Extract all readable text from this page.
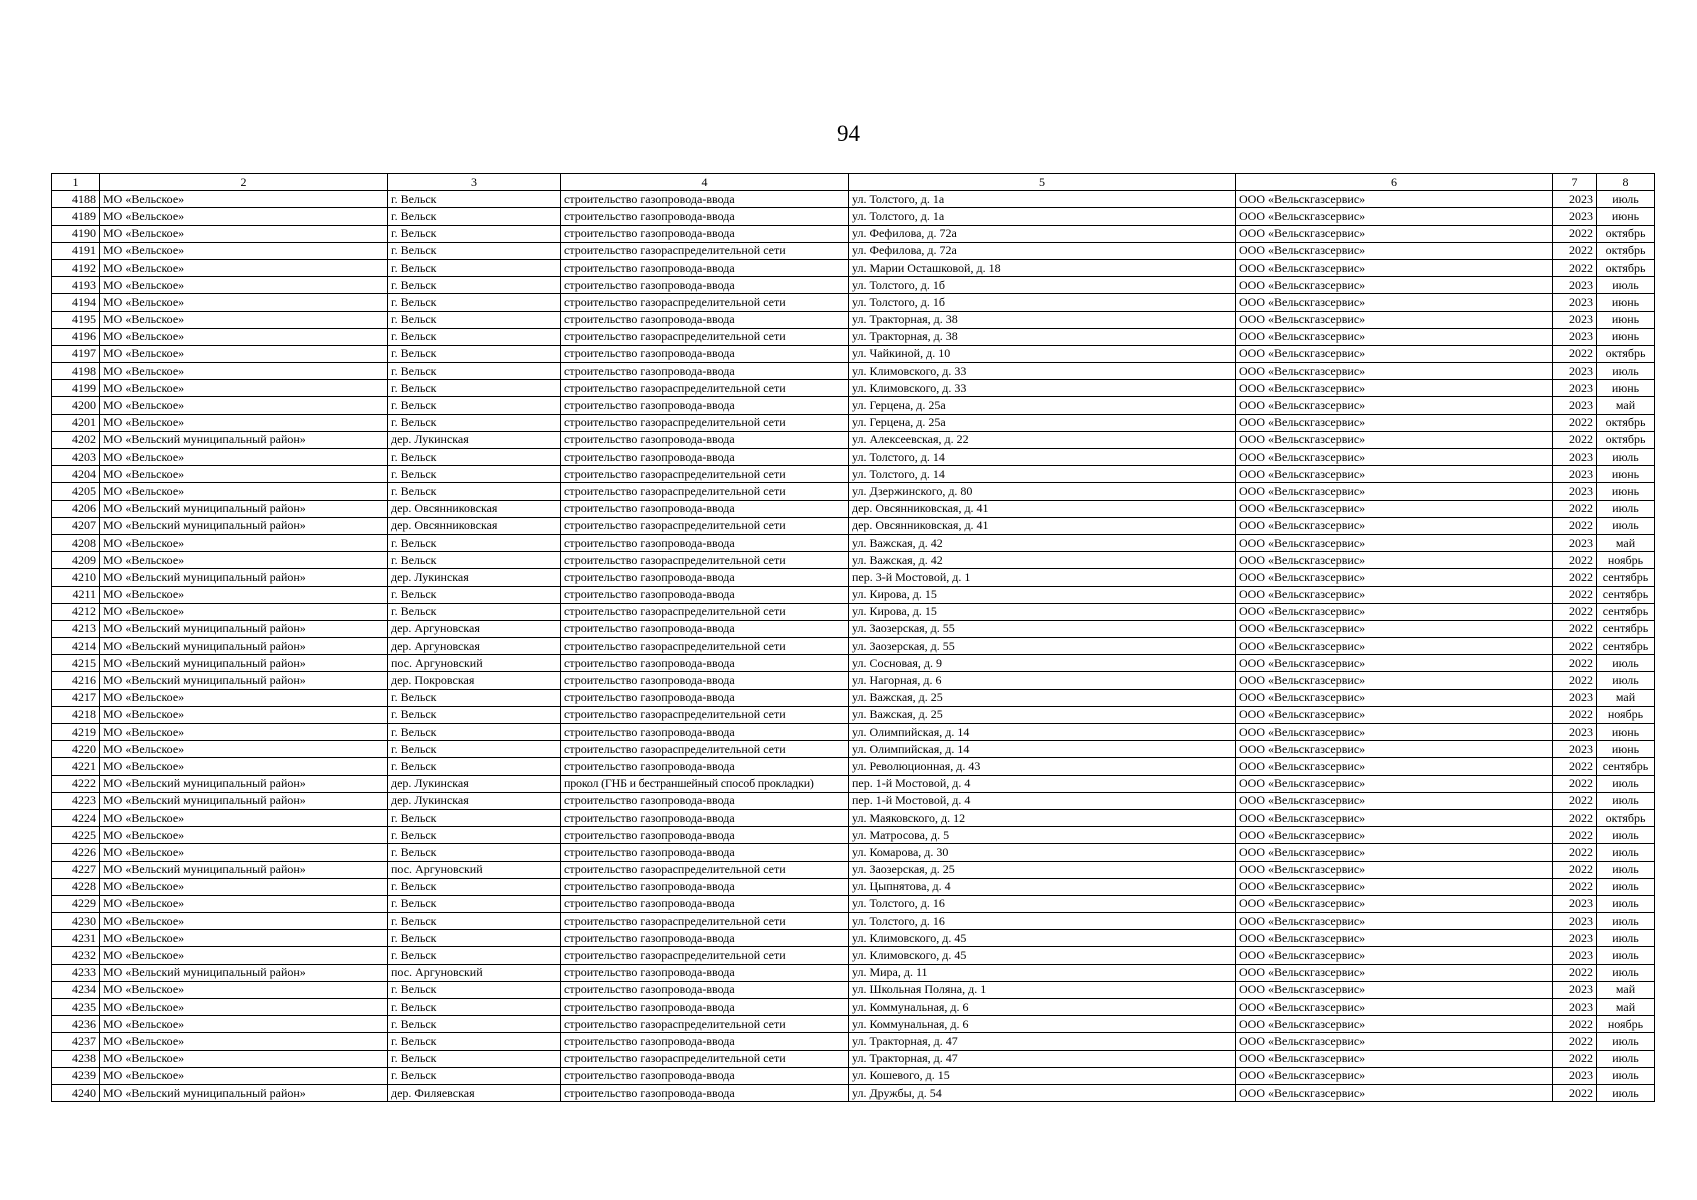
94
1	2	3	4	5	6	7	8
4188	МО «Вельское»	г. Вельск	строительство газопровода-ввода	ул. Толстого, д. 1а	ООО «Вельскгазсервис»	2023	июль
4189	МО «Вельское»	г. Вельск	строительство газопровода-ввода	ул. Толстого, д. 1а	ООО «Вельскгазсервис»	2023	июнь
4190	МО «Вельское»	г. Вельск	строительство газопровода-ввода	ул. Фефилова, д. 72а	ООО «Вельскгазсервис»	2022	октябрь
4191	МО «Вельское»	г. Вельск	строительство газораспределительной сети	ул. Фефилова, д. 72а	ООО «Вельскгазсервис»	2022	октябрь
4192	МО «Вельское»	г. Вельск	строительство газопровода-ввода	ул. Марии Осташковой, д. 18	ООО «Вельскгазсервис»	2022	октябрь
4193	МО «Вельское»	г. Вельск	строительство газопровода-ввода	ул. Толстого, д. 1б	ООО «Вельскгазсервис»	2023	июль
4194	МО «Вельское»	г. Вельск	строительство газораспределительной сети	ул. Толстого, д. 1б	ООО «Вельскгазсервис»	2023	июнь
4195	МО «Вельское»	г. Вельск	строительство газопровода-ввода	ул. Тракторная, д. 38	ООО «Вельскгазсервис»	2023	июнь
4196	МО «Вельское»	г. Вельск	строительство газораспределительной сети	ул. Тракторная, д. 38	ООО «Вельскгазсервис»	2023	июнь
4197	МО «Вельское»	г. Вельск	строительство газопровода-ввода	ул. Чайкиной, д. 10	ООО «Вельскгазсервис»	2022	октябрь
4198	МО «Вельское»	г. Вельск	строительство газопровода-ввода	ул. Климовского, д. 33	ООО «Вельскгазсервис»	2023	июль
4199	МО «Вельское»	г. Вельск	строительство газораспределительной сети	ул. Климовского, д. 33	ООО «Вельскгазсервис»	2023	июнь
4200	МО «Вельское»	г. Вельск	строительство газопровода-ввода	ул. Герцена, д. 25а	ООО «Вельскгазсервис»	2023	май
4201	МО «Вельское»	г. Вельск	строительство газораспределительной сети	ул. Герцена, д. 25а	ООО «Вельскгазсервис»	2022	октябрь
4202	МО «Вельский муниципальный район»	дер. Лукинская	строительство газопровода-ввода	ул. Алексеевская, д. 22	ООО «Вельскгазсервис»	2022	октябрь
4203	МО «Вельское»	г. Вельск	строительство газопровода-ввода	ул. Толстого, д. 14	ООО «Вельскгазсервис»	2023	июль
4204	МО «Вельское»	г. Вельск	строительство газораспределительной сети	ул. Толстого, д. 14	ООО «Вельскгазсервис»	2023	июнь
4205	МО «Вельское»	г. Вельск	строительство газораспределительной сети	ул. Дзержинского, д. 80	ООО «Вельскгазсервис»	2023	июнь
4206	МО «Вельский муниципальный район»	дер. Овсянниковская	строительство газопровода-ввода	дер. Овсянниковская, д. 41	ООО «Вельскгазсервис»	2022	июль
4207	МО «Вельский муниципальный район»	дер. Овсянниковская	строительство газораспределительной сети	дер. Овсянниковская, д. 41	ООО «Вельскгазсервис»	2022	июль
4208	МО «Вельское»	г. Вельск	строительство газопровода-ввода	ул. Важская, д. 42	ООО «Вельскгазсервис»	2023	май
4209	МО «Вельское»	г. Вельск	строительство газораспределительной сети	ул. Важская, д. 42	ООО «Вельскгазсервис»	2022	ноябрь
4210	МО «Вельский муниципальный район»	дер. Лукинская	строительство газопровода-ввода	пер. 3-й Мостовой, д. 1	ООО «Вельскгазсервис»	2022	сентябрь
4211	МО «Вельское»	г. Вельск	строительство газопровода-ввода	ул. Кирова, д. 15	ООО «Вельскгазсервис»	2022	сентябрь
4212	МО «Вельское»	г. Вельск	строительство газораспределительной сети	ул. Кирова, д. 15	ООО «Вельскгазсервис»	2022	сентябрь
4213	МО «Вельский муниципальный район»	дер. Аргуновская	строительство газопровода-ввода	ул. Заозерская, д. 55	ООО «Вельскгазсервис»	2022	сентябрь
4214	МО «Вельский муниципальный район»	дер. Аргуновская	строительство газораспределительной сети	ул. Заозерская, д. 55	ООО «Вельскгазсервис»	2022	сентябрь
4215	МО «Вельский муниципальный район»	пос. Аргуновский	строительство газопровода-ввода	ул. Сосновая, д. 9	ООО «Вельскгазсервис»	2022	июль
4216	МО «Вельский муниципальный район»	дер. Покровская	строительство газопровода-ввода	ул. Нагорная, д. 6	ООО «Вельскгазсервис»	2022	июль
4217	МО «Вельское»	г. Вельск	строительство газопровода-ввода	ул. Важская, д. 25	ООО «Вельскгазсервис»	2023	май
4218	МО «Вельское»	г. Вельск	строительство газораспределительной сети	ул. Важская, д. 25	ООО «Вельскгазсервис»	2022	ноябрь
4219	МО «Вельское»	г. Вельск	строительство газопровода-ввода	ул. Олимпийская, д. 14	ООО «Вельскгазсервис»	2023	июнь
4220	МО «Вельское»	г. Вельск	строительство газораспределительной сети	ул. Олимпийская, д. 14	ООО «Вельскгазсервис»	2023	июнь
4221	МО «Вельское»	г. Вельск	строительство газопровода-ввода	ул. Революционная, д. 43	ООО «Вельскгазсервис»	2022	сентябрь
4222	МО «Вельский муниципальный район»	дер. Лукинская	прокол (ГНБ и бестраншейный способ прокладки)	пер. 1-й Мостовой, д. 4	ООО «Вельскгазсервис»	2022	июль
4223	МО «Вельский муниципальный район»	дер. Лукинская	строительство газопровода-ввода	пер. 1-й Мостовой, д. 4	ООО «Вельскгазсервис»	2022	июль
4224	МО «Вельское»	г. Вельск	строительство газопровода-ввода	ул. Маяковского, д. 12	ООО «Вельскгазсервис»	2022	октябрь
4225	МО «Вельское»	г. Вельск	строительство газопровода-ввода	ул. Матросова, д. 5	ООО «Вельскгазсервис»	2022	июль
4226	МО «Вельское»	г. Вельск	строительство газопровода-ввода	ул. Комарова, д. 30	ООО «Вельскгазсервис»	2022	июль
4227	МО «Вельский муниципальный район»	пос. Аргуновский	строительство газораспределительной сети	ул. Заозерская, д. 25	ООО «Вельскгазсервис»	2022	июль
4228	МО «Вельское»	г. Вельск	строительство газопровода-ввода	ул. Цыпнятова, д. 4	ООО «Вельскгазсервис»	2022	июль
4229	МО «Вельское»	г. Вельск	строительство газопровода-ввода	ул. Толстого, д. 16	ООО «Вельскгазсервис»	2023	июль
4230	МО «Вельское»	г. Вельск	строительство газораспределительной сети	ул. Толстого, д. 16	ООО «Вельскгазсервис»	2023	июль
4231	МО «Вельское»	г. Вельск	строительство газопровода-ввода	ул. Климовского, д. 45	ООО «Вельскгазсервис»	2023	июль
4232	МО «Вельское»	г. Вельск	строительство газораспределительной сети	ул. Климовского, д. 45	ООО «Вельскгазсервис»	2023	июль
4233	МО «Вельский муниципальный район»	пос. Аргуновский	строительство газопровода-ввода	ул. Мира, д. 11	ООО «Вельскгазсервис»	2022	июль
4234	МО «Вельское»	г. Вельск	строительство газопровода-ввода	ул. Школьная Поляна, д. 1	ООО «Вельскгазсервис»	2023	май
4235	МО «Вельское»	г. Вельск	строительство газопровода-ввода	ул. Коммунальная, д. 6	ООО «Вельскгазсервис»	2023	май
4236	МО «Вельское»	г. Вельск	строительство газораспределительной сети	ул. Коммунальная, д. 6	ООО «Вельскгазсервис»	2022	ноябрь
4237	МО «Вельское»	г. Вельск	строительство газопровода-ввода	ул. Тракторная, д. 47	ООО «Вельскгазсервис»	2022	июль
4238	МО «Вельское»	г. Вельск	строительство газораспределительной сети	ул. Тракторная, д. 47	ООО «Вельскгазсервис»	2022	июль
4239	МО «Вельское»	г. Вельск	строительство газопровода-ввода	ул. Кошевого, д. 15	ООО «Вельскгазсервис»	2023	июль
4240	МО «Вельский муниципальный район»	дер. Филяевская	строительство газопровода-ввода	ул. Дружбы, д. 54	ООО «Вельскгазсервис»	2022	июль
